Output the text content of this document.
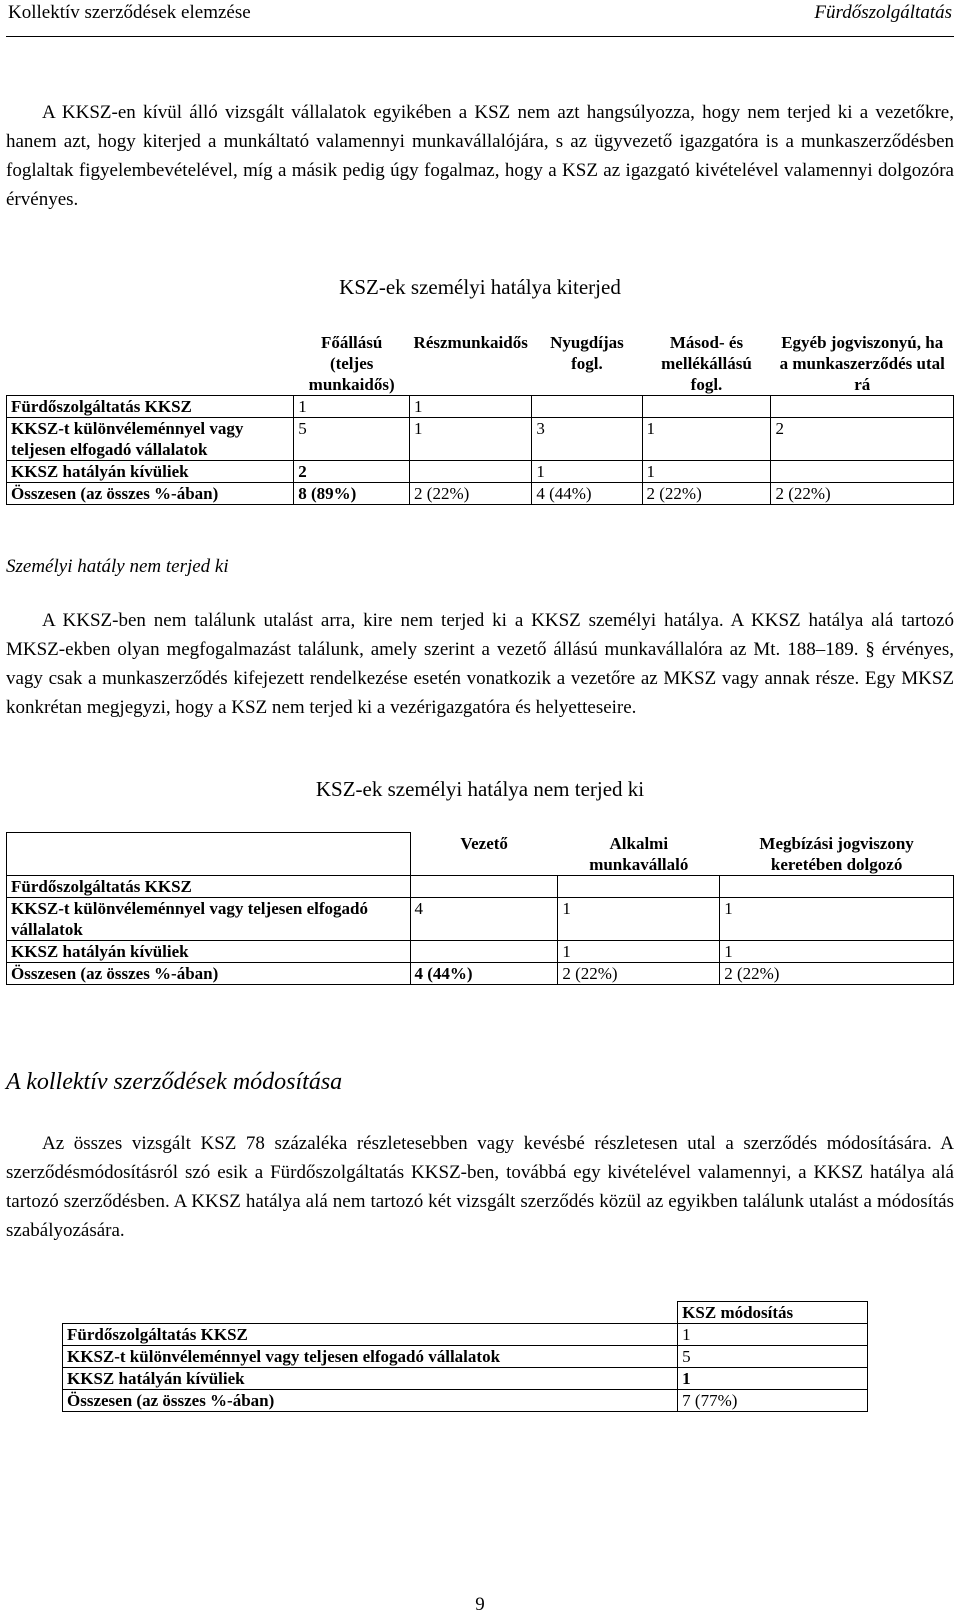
Kollektív szerződések elemzése	Fürdőszolgáltatás
A KKSZ-en kívül álló vizsgált vállalatok egyikében a KSZ nem azt hangsúlyozza, hogy nem terjed ki a vezetőkre, hanem azt, hogy kiterjed a munkáltató valamennyi munkavállalójára, s az ügyvezető igazgatóra is a munkaszerződésben foglaltak figyelembevételével, míg a másik pedig úgy fogalmaz, hogy a KSZ az igazgató kivételével valamennyi dolgozóra érvényes.
KSZ-ek személyi hatálya kiterjed
	Főállású (teljes munkaidős)	Részmunkaidős	Nyugdíjas fogl.	Másod- és mellékállású fogl.	Egyéb jogviszonyú, ha a munkaszerződés utal rá
Fürdőszolgáltatás KKSZ	1	1			
KKSZ-t különvéleménnyel vagy teljesen elfogadó vállalatok	5	1	3	1	2
KKSZ hatályán kívüliek	2		1	1	
Összesen (az összes %-ában)	8 (89%)	2 (22%)	4 (44%)	2 (22%)	2 (22%)
Személyi hatály nem terjed ki
A KKSZ-ben nem találunk utalást arra, kire nem terjed ki a KKSZ személyi hatálya. A KKSZ hatálya alá tartozó MKSZ-ekben olyan megfogalmazást találunk, amely szerint a vezető állású munkavállalóra az Mt. 188–189. § érvényes, vagy csak a munkaszerződés kifejezett rendelkezése esetén vonatkozik a vezetőre az MKSZ vagy annak része. Egy MKSZ konkrétan megjegyzi, hogy a KSZ nem terjed ki a vezérigazgatóra és helyetteseire.
KSZ-ek személyi hatálya nem terjed ki
	Vezető	Alkalmi munkavállaló	Megbízási jogviszony keretében dolgozó
Fürdőszolgáltatás KKSZ			
KKSZ-t különvéleménnyel vagy teljesen elfogadó vállalatok	4	1	1
KKSZ hatályán kívüliek		1	1
Összesen (az összes %-ában)	4 (44%)	2 (22%)	2 (22%)
A kollektív szerződések módosítása
Az összes vizsgált KSZ 78 százaléka részletesebben vagy kevésbé részletesen utal a szerződés módosítására. A szerződésmódosításról szó esik a Fürdőszolgáltatás KKSZ-ben, továbbá egy kivételével valamennyi, a KKSZ hatálya alá tartozó szerződésben. A KKSZ hatálya alá nem tartozó két vizsgált szerződés közül az egyikben találunk utalást a módosítás szabályozására.
	KSZ módosítás
Fürdőszolgáltatás KKSZ	1
KKSZ-t különvéleménnyel vagy teljesen elfogadó vállalatok	5
KKSZ hatályán kívüliek	1
Összesen (az összes %-ában)	7 (77%)
9
